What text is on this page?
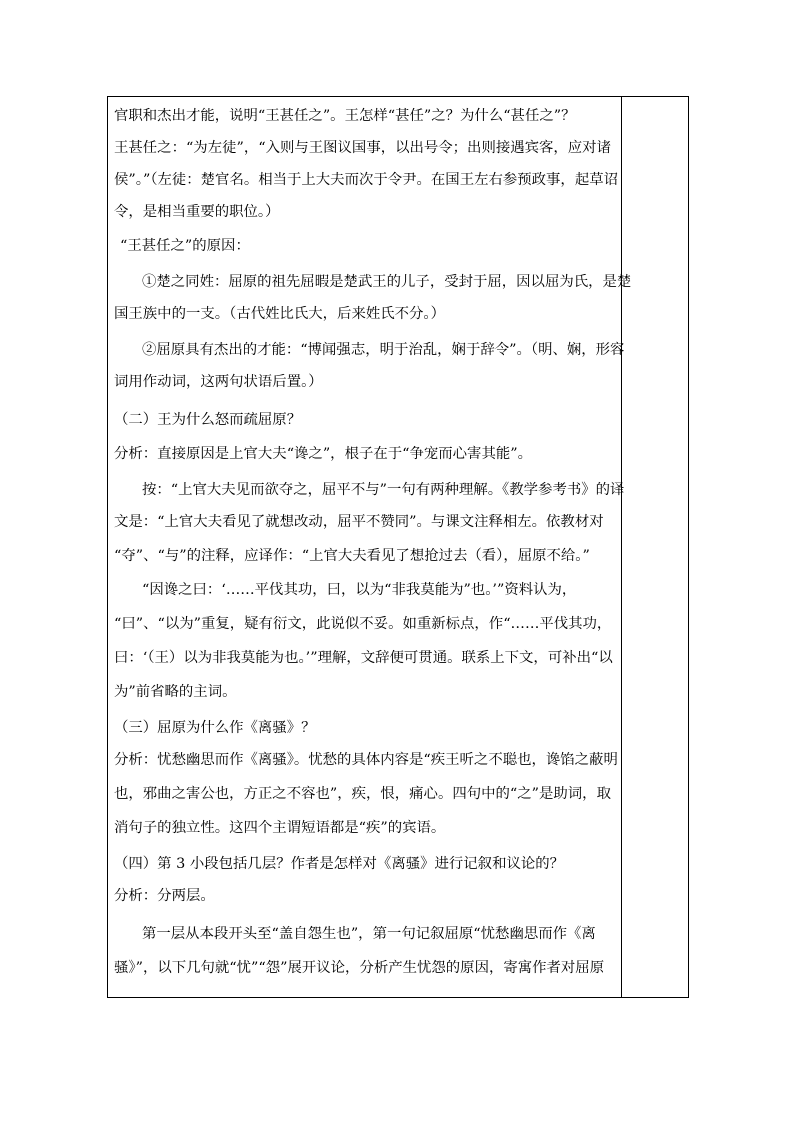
官职和杰出才能，说明“王甚任之”。王怎样“甚任”之？为什么“甚任之”？
王甚任之：“为左徒”，“入则与王图议国事，以出号令；出则接遇宾客，应对诸
侯”。”（左徒：楚官名。相当于上大夫而次于令尹。在国王左右参预政事，起草诏
令，是相当重要的职位。）
“王甚任之”的原因：
①楚之同姓：屈原的祖先屈暇是楚武王的儿子，受封于屈，因以屈为氏，是楚
国王族中的一支。（古代姓比氏大，后来姓氏不分。）
②屈原具有杰出的才能：“博闻强志，明于治乱，娴于辞令”。（明、娴，形容
词用作动词，这两句状语后置。）
（二）王为什么怒而疏屈原？
分析：直接原因是上官大夫“谗之”，根子在于“争宠而心害其能”。
按：“上官大夫见而欲夺之，屈平不与”一句有两种理解。《教学参考书》的译
文是：“上官大夫看见了就想改动，屈平不赞同”。与课文注释相左。依教材对
“夺”、“与”的注释，应译作：“上官大夫看见了想抢过去（看），屈原不给。”
“因谗之曰：‘……平伐其功，曰，以为“非我莫能为”也。’”资料认为，
“曰”、“以为”重复，疑有衍文，此说似不妥。如重新标点，作“……平伐其功，
曰：‘（王）以为非我莫能为也。’”理解，文辞便可贯通。联系上下文，可补出“以
为”前省略的主词。
（三）屈原为什么作《离骚》？
分析：忧愁幽思而作《离骚》。忧愁的具体内容是“疾王听之不聪也，谗馅之蔽明
也，邪曲之害公也，方正之不容也”，疾，恨，痛心。四句中的“之”是助词，取
消句子的独立性。这四个主谓短语都是“疾”的宾语。
（四）第 3 小段包括几层？作者是怎样对《离骚》进行记叙和议论的？
分析：分两层。
第一层从本段开头至“盖自怨生也”，第一句记叙屈原“忧愁幽思而作《离
骚》”，以下几句就“忧”“怨”展开议论，分析产生忧怨的原因，寄寓作者对屈原
